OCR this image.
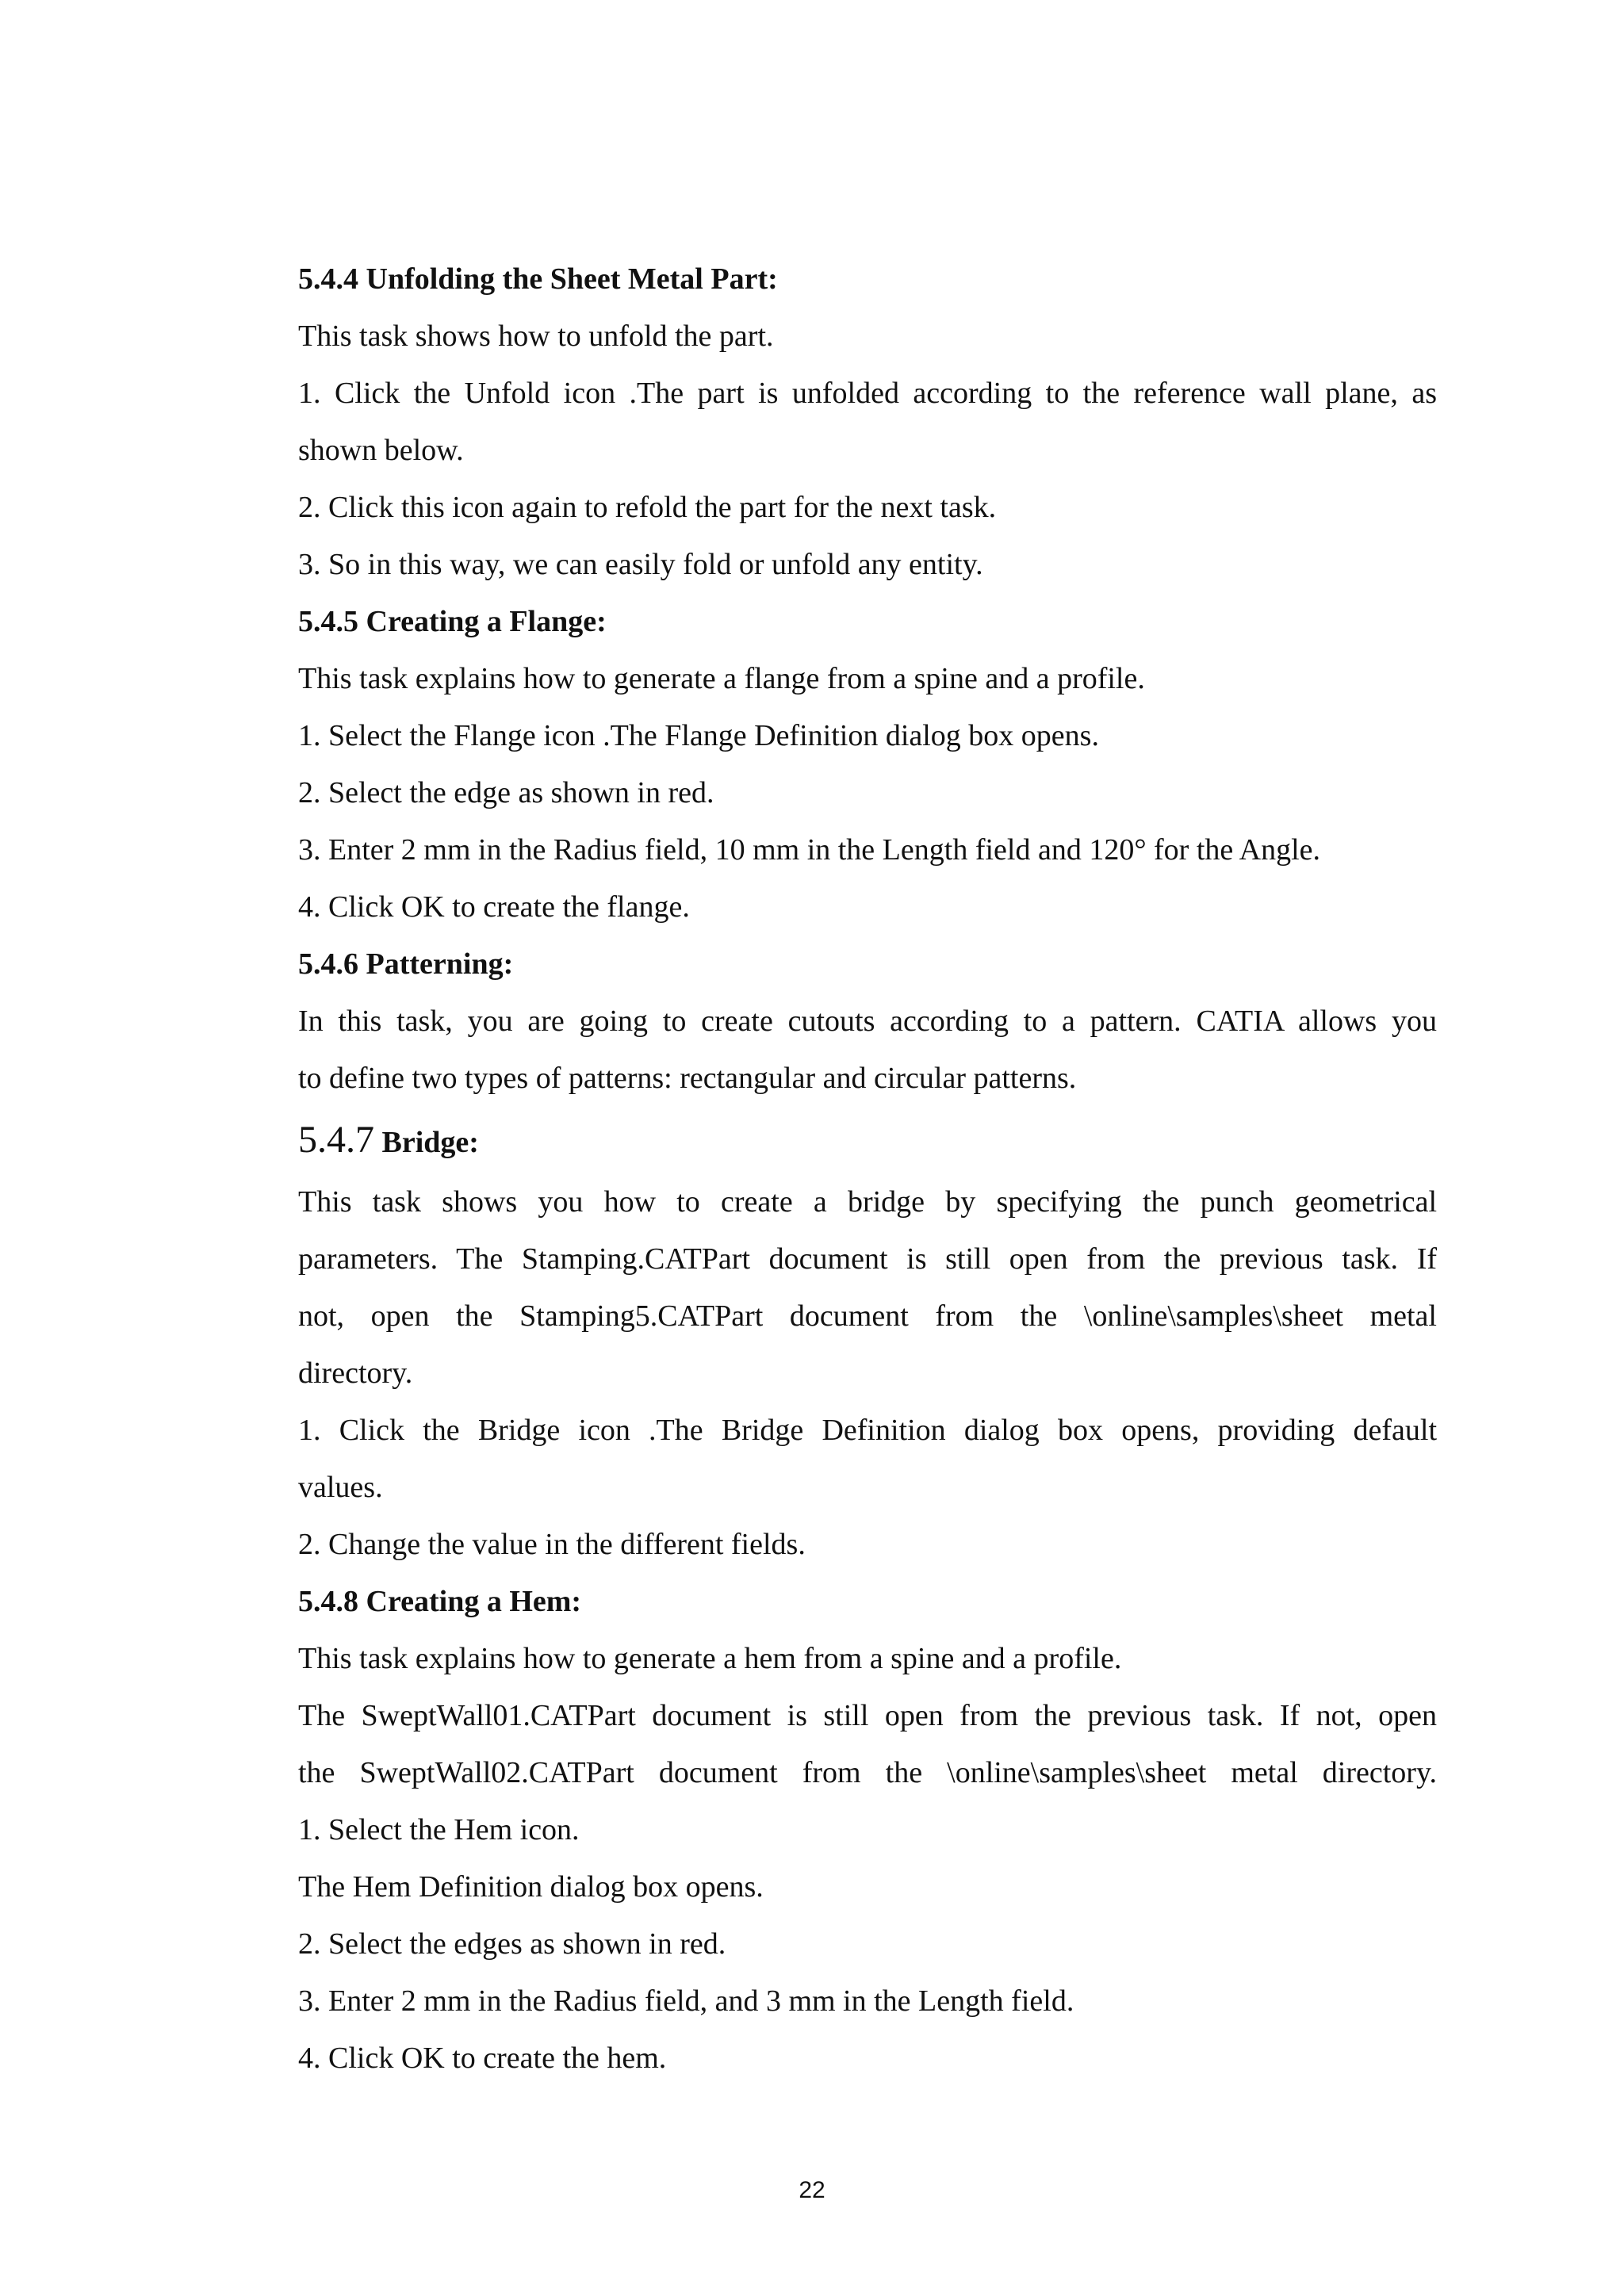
5.4.4 Unfolding the Sheet Metal Part:
This task shows how to unfold the part.
1. Click the Unfold icon .The part is unfolded according to the reference wall plane, as
shown below.
2. Click this icon again to refold the part for the next task.
3. So in this way, we can easily fold or unfold any entity.
5.4.5 Creating a Flange:
This task explains how to generate a flange from a spine and a profile.
1. Select the Flange icon .The Flange Definition dialog box opens.
2. Select the edge as shown in red.
3. Enter 2 mm in the Radius field, 10 mm in the Length field and 120° for the Angle.
4. Click OK to create the flange.
5.4.6 Patterning:
In this task, you are going to create cutouts according to a pattern. CATIA allows you
to define two types of patterns: rectangular and circular patterns.
5.4.7 Bridge:
This task shows you how to create a bridge by specifying the punch geometrical
parameters. The Stamping.CATPart document is still open from the previous task. If
not, open the Stamping5.CATPart document from the \online\samples\sheet metal
directory.
1. Click the Bridge icon .The Bridge Definition dialog box opens, providing default
values.
2. Change the value in the different fields.
5.4.8 Creating a Hem:
This task explains how to generate a hem from a spine and a profile.
The SweptWall01.CATPart document is still open from the previous task. If not, open
the SweptWall02.CATPart document from the \online\samples\sheet metal directory.
1. Select the Hem icon.
The Hem Definition dialog box opens.
2. Select the edges as shown in red.
3. Enter 2 mm in the Radius field, and 3 mm in the Length field.
4. Click OK to create the hem.
22
